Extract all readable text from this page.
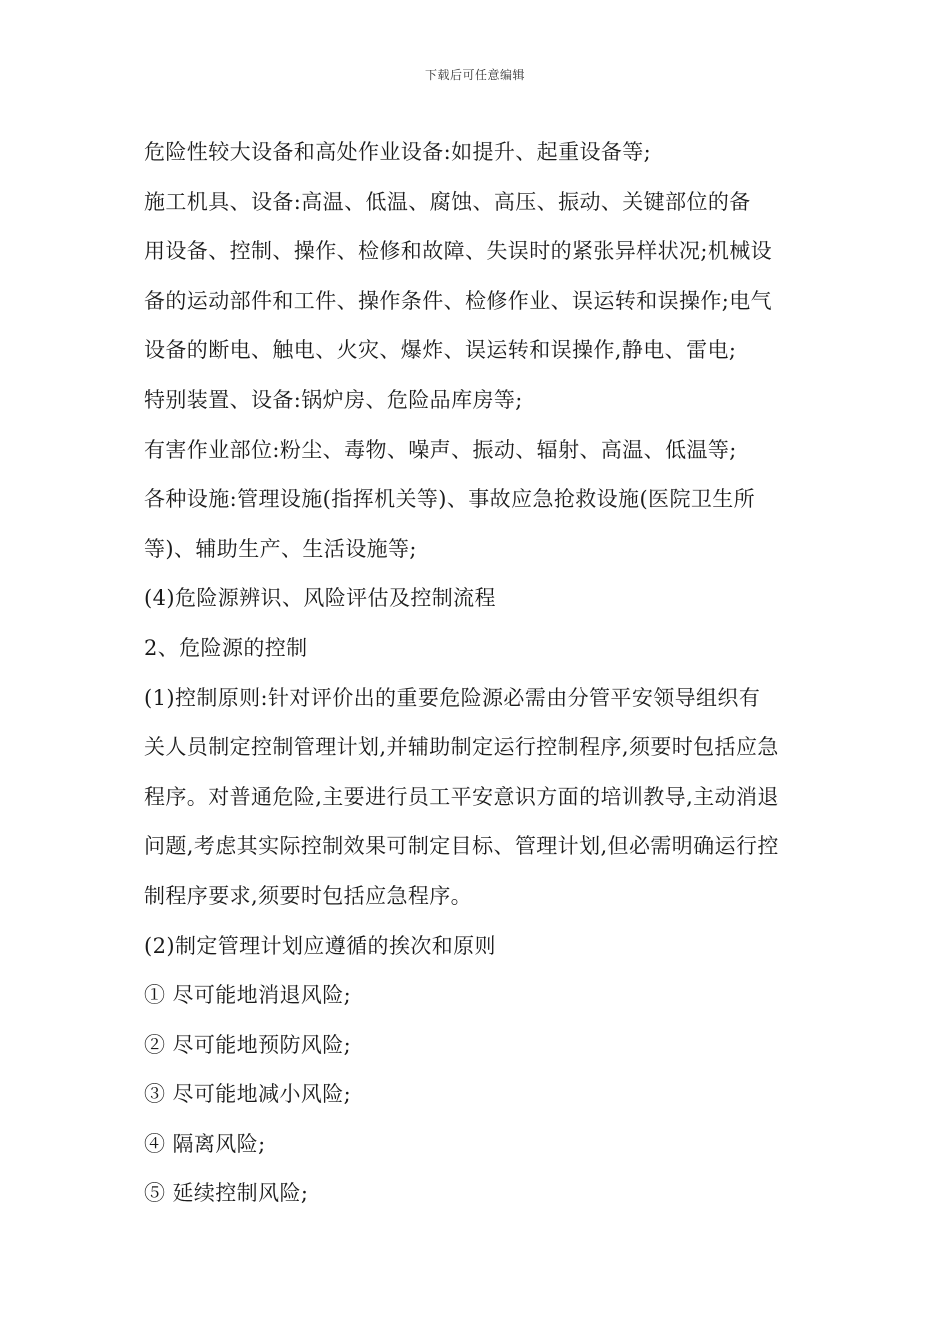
下载后可任意编辑
危险性较大设备和高处作业设备:如提升、起重设备等;
施工机具、设备:高温、低温、腐蚀、高压、振动、关键部位的备
用设备、控制、操作、检修和故障、失误时的紧张异样状况;机械设
备的运动部件和工件、操作条件、检修作业、误运转和误操作;电气
设备的断电、触电、火灾、爆炸、误运转和误操作,静电、雷电;
特别装置、设备:锅炉房、危险品库房等;
有害作业部位:粉尘、毒物、噪声、振动、辐射、高温、低温等;
各种设施:管理设施(指挥机关等)、事故应急抢救设施(医院卫生所
等)、辅助生产、生活设施等;
(4)危险源辨识、风险评估及控制流程
2、危险源的控制
(1)控制原则:针对评价出的重要危险源必需由分管平安领导组织有
关人员制定控制管理计划,并辅助制定运行控制程序,须要时包括应急
程序。对普通危险,主要进行员工平安意识方面的培训教导,主动消退
问题,考虑其实际控制效果可制定目标、管理计划,但必需明确运行控
制程序要求,须要时包括应急程序。
(2)制定管理计划应遵循的挨次和原则
① 尽可能地消退风险;
② 尽可能地预防风险;
③ 尽可能地减小风险;
④ 隔离风险;
⑤ 延续控制风险;
